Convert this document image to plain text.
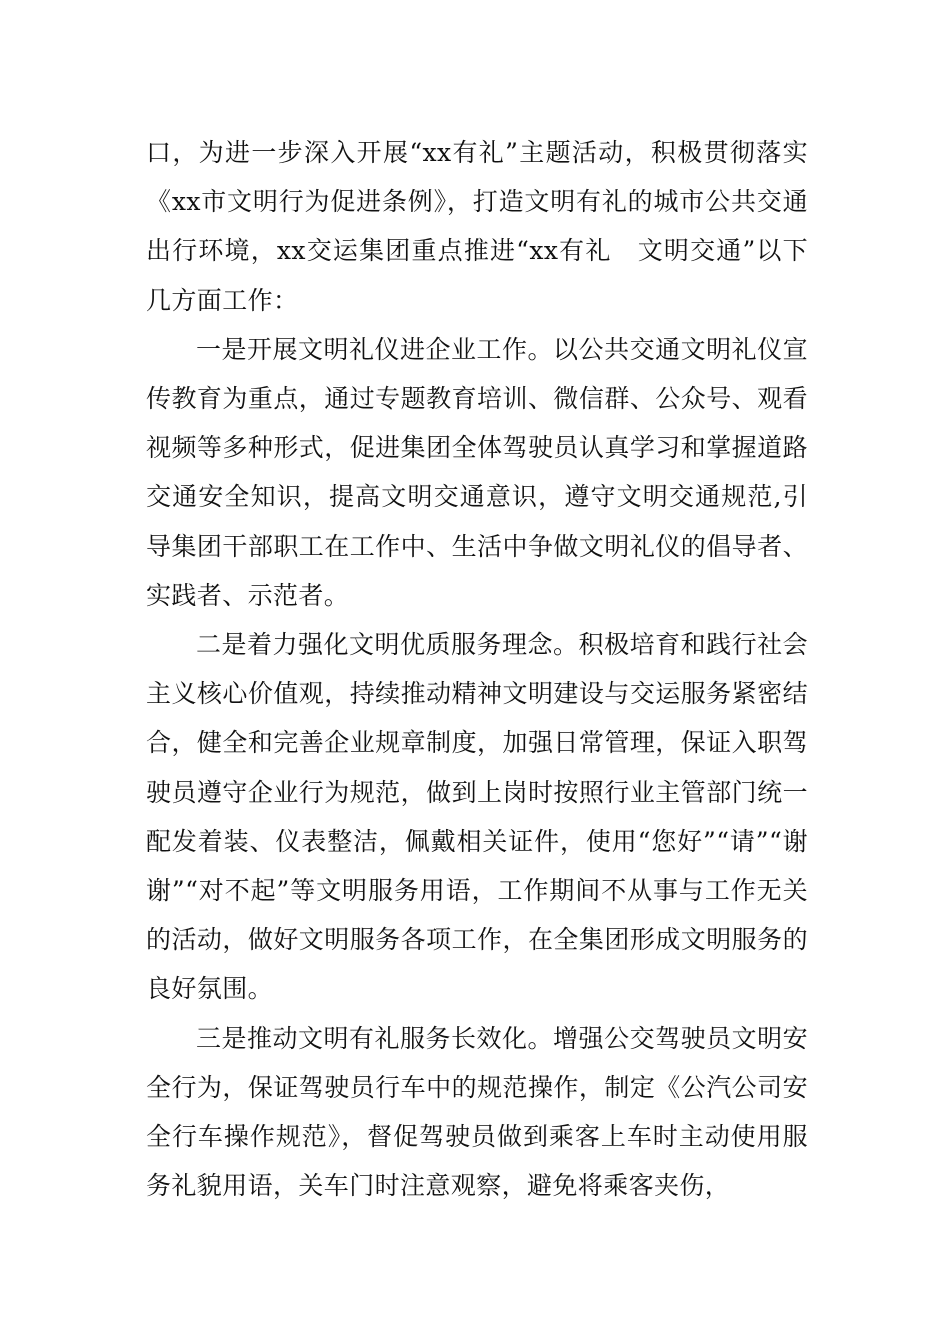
口，为进一步深入开展“xx有礼”主题活动，积极贯彻落实《xx市文明行为促进条例》，打造文明有礼的城市公共交通出行环境，xx交运集团重点推进“xx有礼　文明交通”以下几方面工作：

一是开展文明礼仪进企业工作。以公共交通文明礼仪宣传教育为重点，通过专题教育培训、微信群、公众号、观看视频等多种形式，促进集团全体驾驶员认真学习和掌握道路交通安全知识，提高文明交通意识，遵守文明交通规范,引导集团干部职工在工作中、生活中争做文明礼仪的倡导者、实践者、示范者。

二是着力强化文明优质服务理念。积极培育和践行社会主义核心价值观，持续推动精神文明建设与交运服务紧密结合，健全和完善企业规章制度，加强日常管理，保证入职驾驶员遵守企业行为规范，做到上岗时按照行业主管部门统一配发着装、仪表整洁，佩戴相关证件，使用“您好”“请”“谢谢”“对不起”等文明服务用语，工作期间不从事与工作无关的活动，做好文明服务各项工作，在全集团形成文明服务的良好氛围。

三是推动文明有礼服务长效化。增强公交驾驶员文明安全行为，保证驾驶员行车中的规范操作，制定《公汽公司安全行车操作规范》，督促驾驶员做到乘客上车时主动使用服务礼貌用语，关车门时注意观察，避免将乘客夹伤，
